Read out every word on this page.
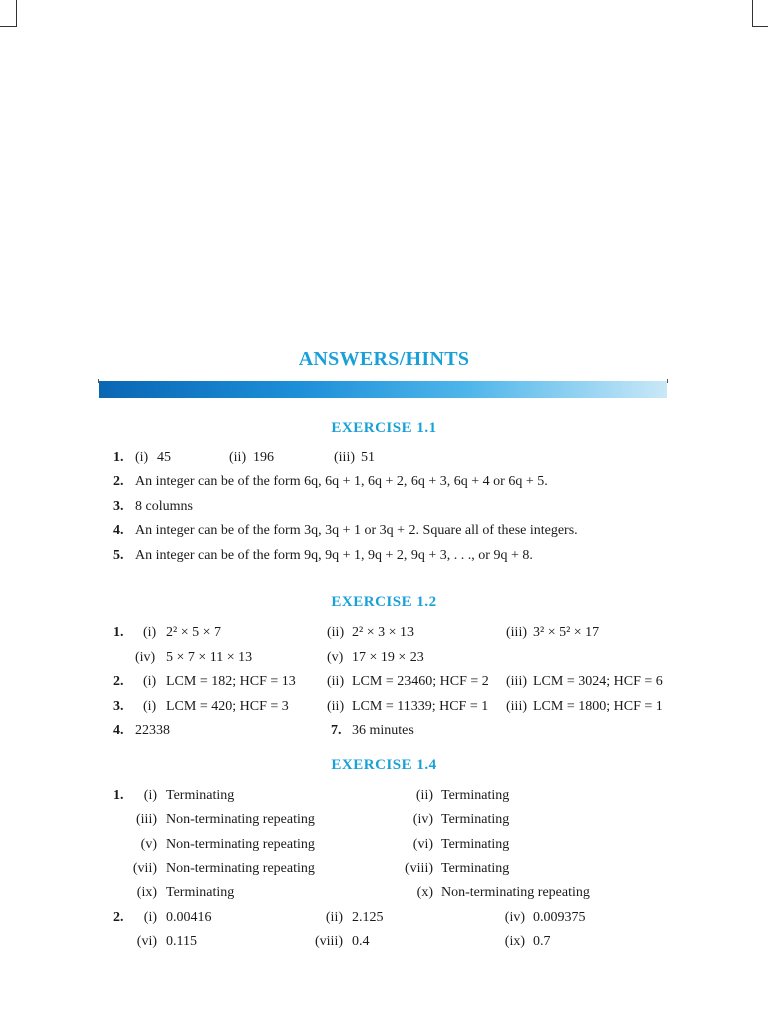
ANSWERS/HINTS
EXERCISE 1.1
1. (i) 45	(ii) 196	(iii) 51
2. An integer can be of the form 6q, 6q + 1, 6q + 2, 6q + 3, 6q + 4 or 6q + 5.
3. 8 columns
4. An integer can be of the form 3q, 3q + 1 or 3q + 2. Square all of these integers.
5. An integer can be of the form 9q, 9q + 1, 9q + 2, 9q + 3, . . ., or 9q + 8.
EXERCISE 1.2
1. (i) 2² × 5 × 7	(ii) 2² × 3 × 13	(iii) 3² × 5² × 17
(iv) 5 × 7 × 11 × 13	(v) 17 × 19 × 23
2. (i) LCM = 182; HCF = 13 (ii) LCM = 23460; HCF = 2 (iii) LCM = 3024; HCF = 6
3. (i) LCM = 420; HCF = 3	(ii) LCM = 11339; HCF = 1 (iii) LCM = 1800; HCF = 1
4. 22338	7. 36 minutes
EXERCISE 1.4
1.	(i) Terminating	(ii) Terminating
(iii) Non-terminating repeating	(iv) Terminating
(v) Non-terminating repeating	(vi) Terminating
(vii) Non-terminating repeating	(viii) Terminating
(ix) Terminating	(x) Non-terminating repeating
2.	(i) 0.00416	(ii) 2.125	(iv) 0.009375
(vi) 0.115	(viii) 0.4	(ix) 0.7
